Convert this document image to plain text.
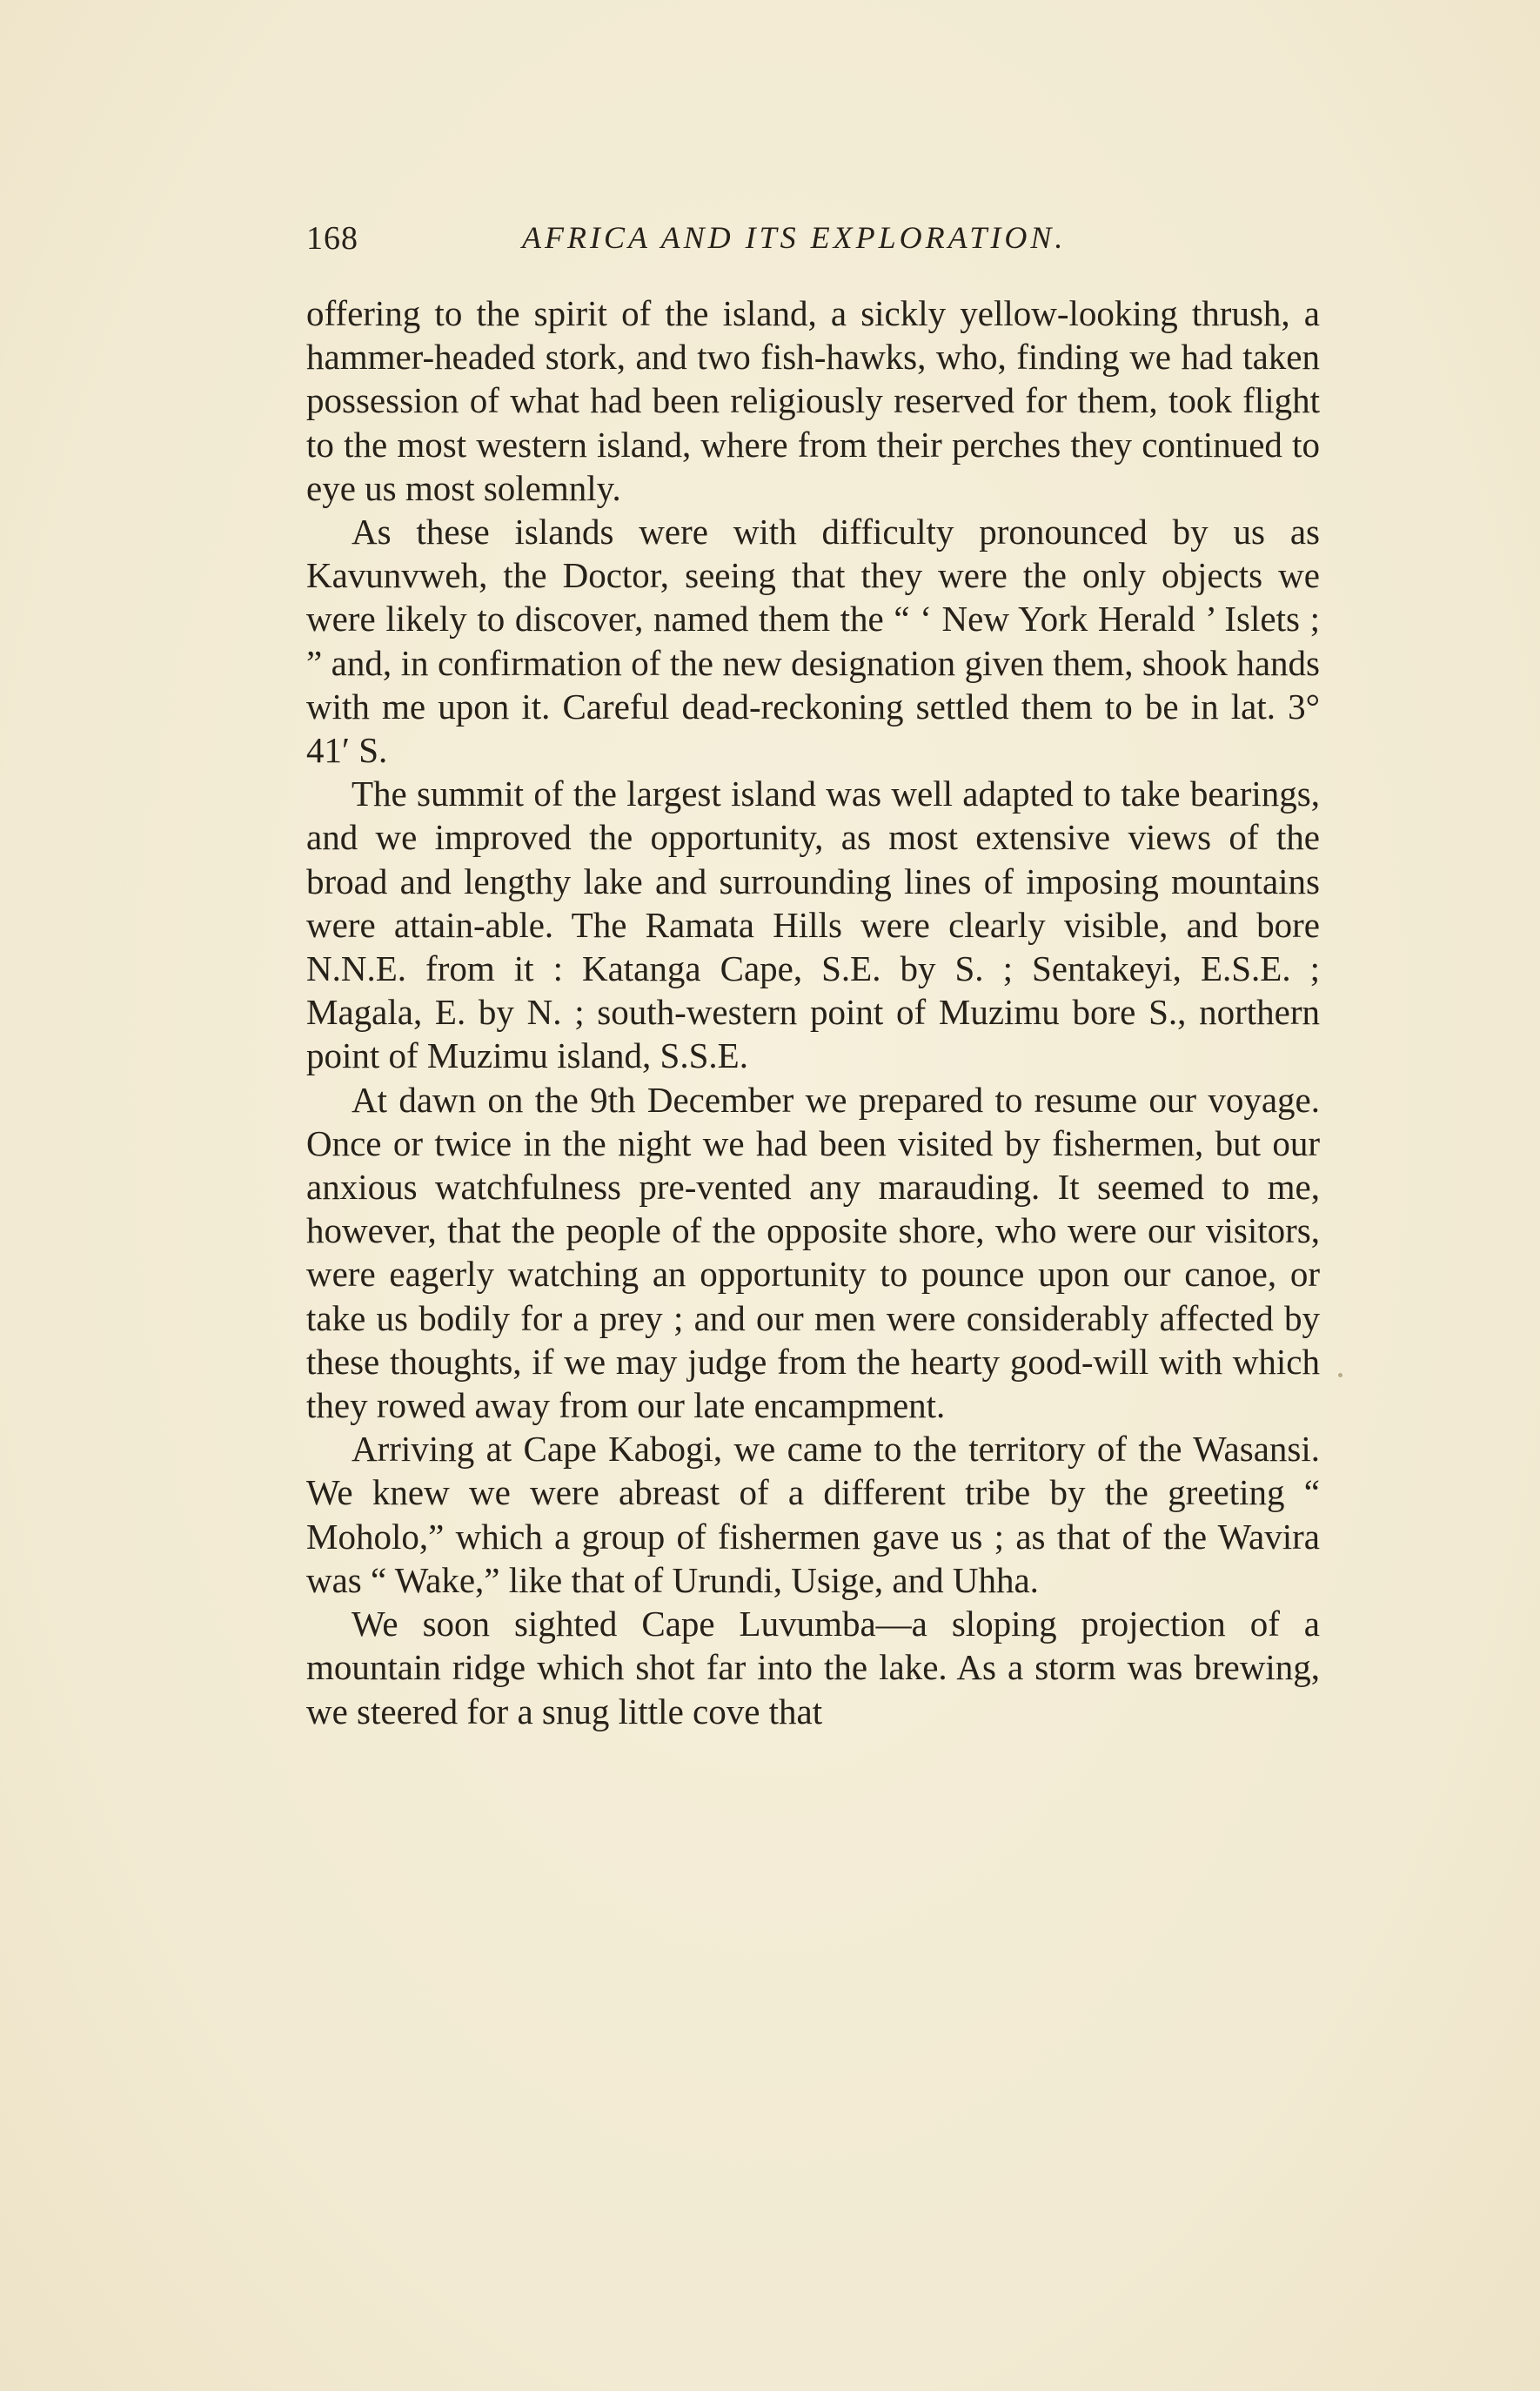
168	AFRICA AND ITS EXPLORATION.

offering to the spirit of the island, a sickly yellow-looking thrush, a hammer-headed stork, and two fish-hawks, who, finding we had taken possession of what had been religiously reserved for them, took flight to the most western island, where from their perches they continued to eye us most solemnly.

As these islands were with difficulty pronounced by us as Kavunvweh, the Doctor, seeing that they were the only objects we were likely to discover, named them the “ ‘ New York Herald ’ Islets ; ” and, in confirmation of the new designation given them, shook hands with me upon it. Careful dead-reckoning settled them to be in lat. 3° 41′ S.

The summit of the largest island was well adapted to take bearings, and we improved the opportunity, as most extensive views of the broad and lengthy lake and surrounding lines of imposing mountains were attain-able. The Ramata Hills were clearly visible, and bore N.N.E. from it : Katanga Cape, S.E. by S. ; Sentakeyi, E.S.E. ; Magala, E. by N. ; south-western point of Muzimu bore S., northern point of Muzimu island, S.S.E.

At dawn on the 9th December we prepared to resume our voyage. Once or twice in the night we had been visited by fishermen, but our anxious watchfulness pre-vented any marauding. It seemed to me, however, that the people of the opposite shore, who were our visitors, were eagerly watching an opportunity to pounce upon our canoe, or take us bodily for a prey ; and our men were considerably affected by these thoughts, if we may judge from the hearty good-will with which they rowed away from our late encampment.

Arriving at Cape Kabogi, we came to the territory of the Wasansi. We knew we were abreast of a different tribe by the greeting “ Moholo,” which a group of fishermen gave us ; as that of the Wavira was “ Wake,” like that of Urundi, Usige, and Uhha.

We soon sighted Cape Luvumba—a sloping projection of a mountain ridge which shot far into the lake. As a storm was brewing, we steered for a snug little cove that
